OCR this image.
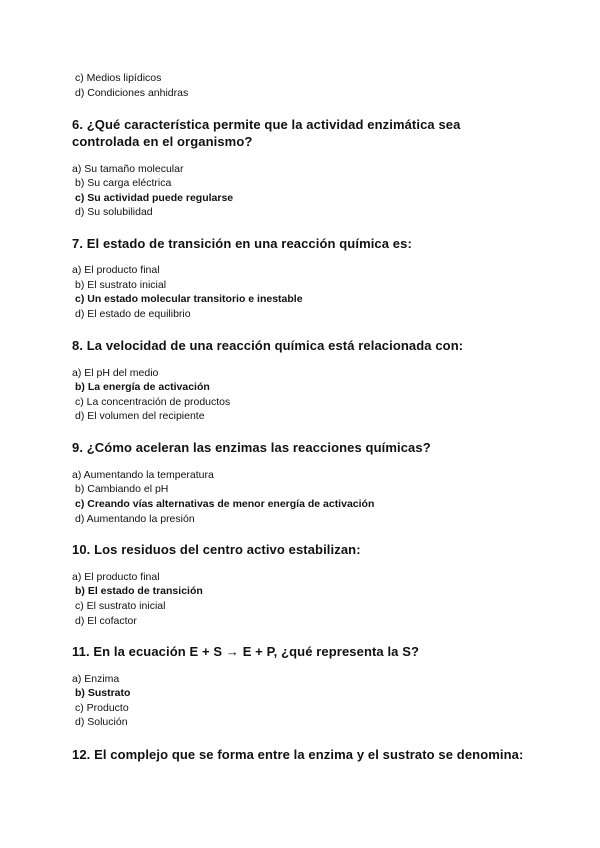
c) Medios lipídicos
d) Condiciones anhidras
6. ¿Qué característica permite que la actividad enzimática sea
controlada en el organismo?
a) Su tamaño molecular
b) Su carga eléctrica
c) Su actividad puede regularse
d) Su solubilidad
7. El estado de transición en una reacción química es:
a) El producto final
b) El sustrato inicial
c) Un estado molecular transitorio e inestable
d) El estado de equilibrio
8. La velocidad de una reacción química está relacionada con:
a) El pH del medio
b) La energía de activación
c) La concentración de productos
d) El volumen del recipiente
9. ¿Cómo aceleran las enzimas las reacciones químicas?
a) Aumentando la temperatura
b) Cambiando el pH
c) Creando vías alternativas de menor energía de activación
d) Aumentando la presión
10. Los residuos del centro activo estabilizan:
a) El producto final
b) El estado de transición
c) El sustrato inicial
d) El cofactor
11. En la ecuación E + S → E + P, ¿qué representa la S?
a) Enzima
b) Sustrato
c) Producto
d) Solución
12. El complejo que se forma entre la enzima y el sustrato se denomina:
